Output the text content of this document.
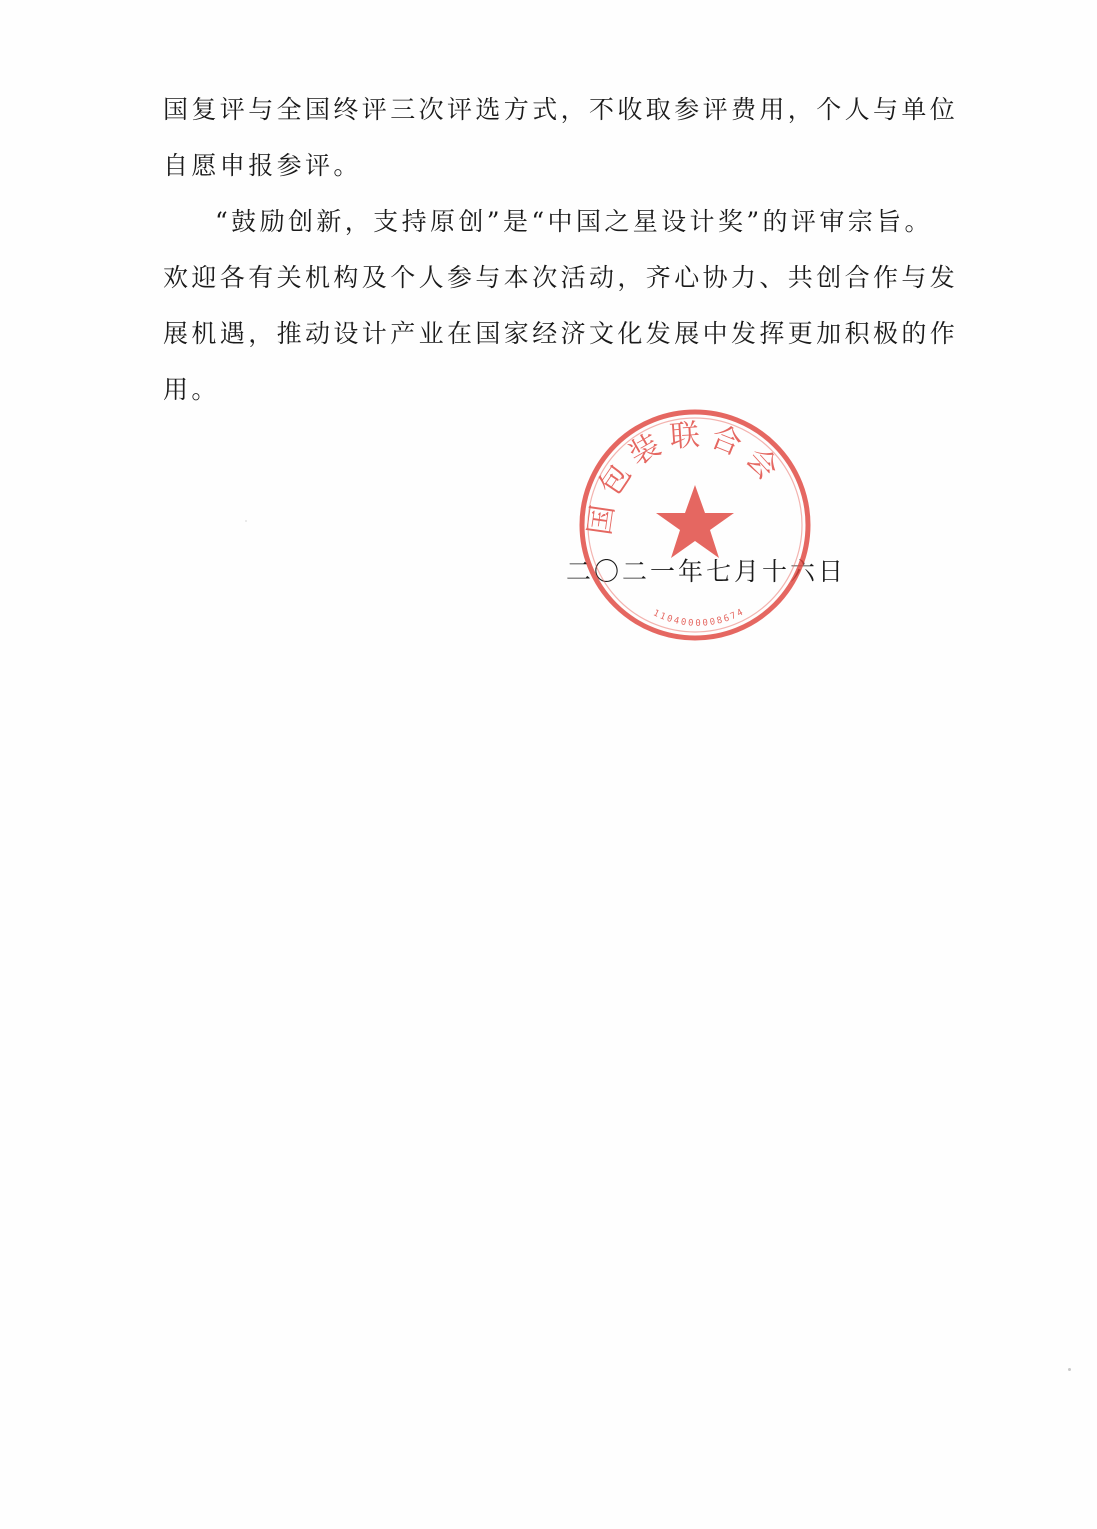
国复评与全国终评三次评选方式，不收取参评费用，个人与单位
自愿申报参评。

“鼓励创新，支持原创”是“中国之星设计奖”的评审宗旨。
欢迎各有关机构及个人参与本次活动，齐心协力、共创合作与发
展机遇，推动设计产业在国家经济文化发展中发挥更加积极的作
用。

二〇二一年七月十六日
国包装联合会
1104000008674
